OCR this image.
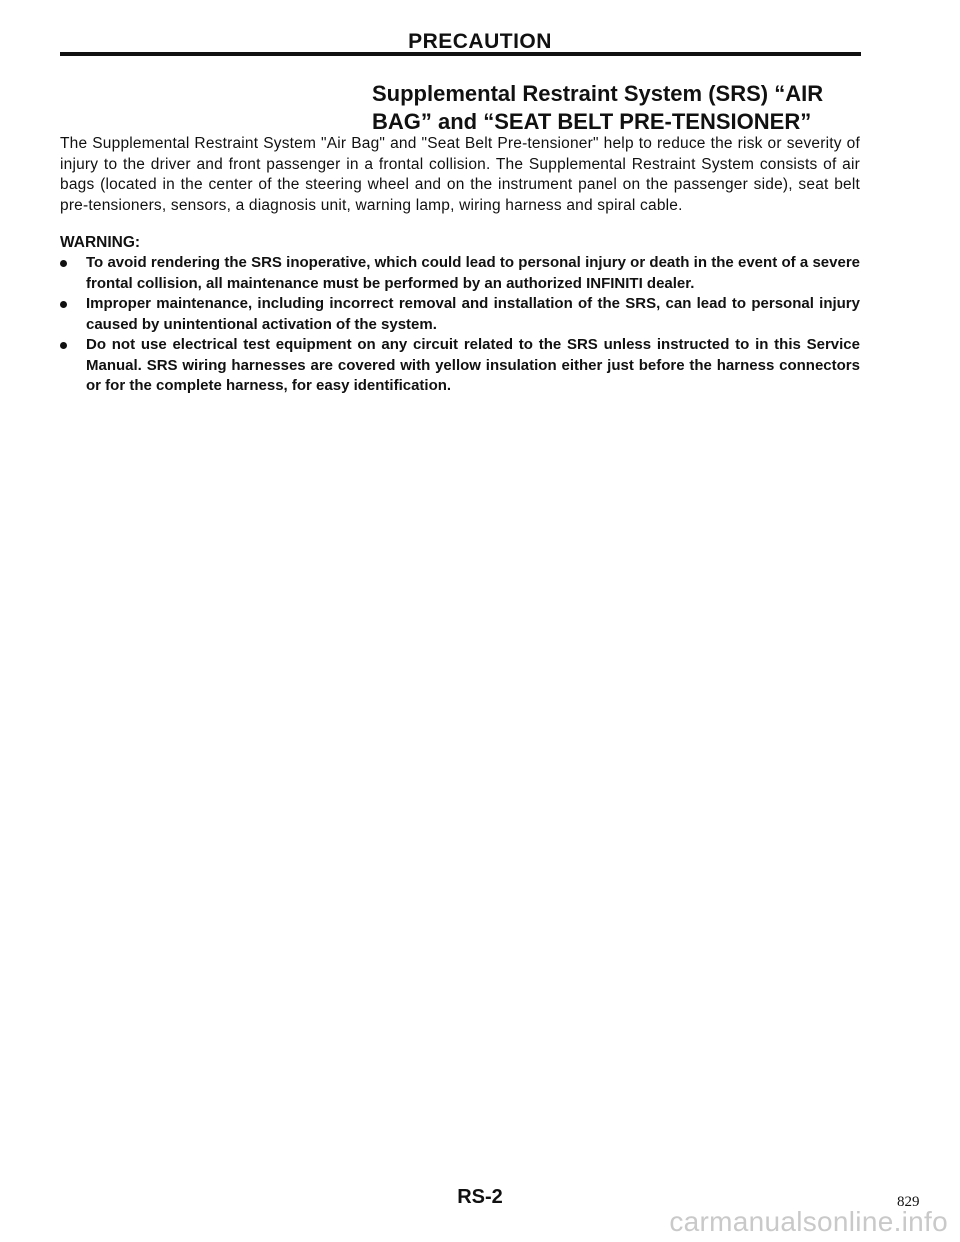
PRECAUTION
Supplemental Restraint System (SRS) “AIR
BAG” and “SEAT BELT PRE-TENSIONER”
The Supplemental Restraint System "Air Bag" and "Seat Belt Pre-tensioner" help to reduce the risk or severity of injury to the driver and front passenger in a frontal collision. The Supplemental Restraint System consists of air bags (located in the center of the steering wheel and on the instrument panel on the passenger side), seat belt pre-tensioners, sensors, a diagnosis unit, warning lamp, wiring harness and spiral cable.
WARNING:
To avoid rendering the SRS inoperative, which could lead to personal injury or death in the event of a severe frontal collision, all maintenance must be performed by an authorized INFINITI dealer.
Improper maintenance, including incorrect removal and installation of the SRS, can lead to personal injury caused by unintentional activation of the system.
Do not use electrical test equipment on any circuit related to the SRS unless instructed to in this Service Manual. SRS wiring harnesses are covered with yellow insulation either just before the harness connectors or for the complete harness, for easy identification.
RS-2	829
carmanualsonline.info
